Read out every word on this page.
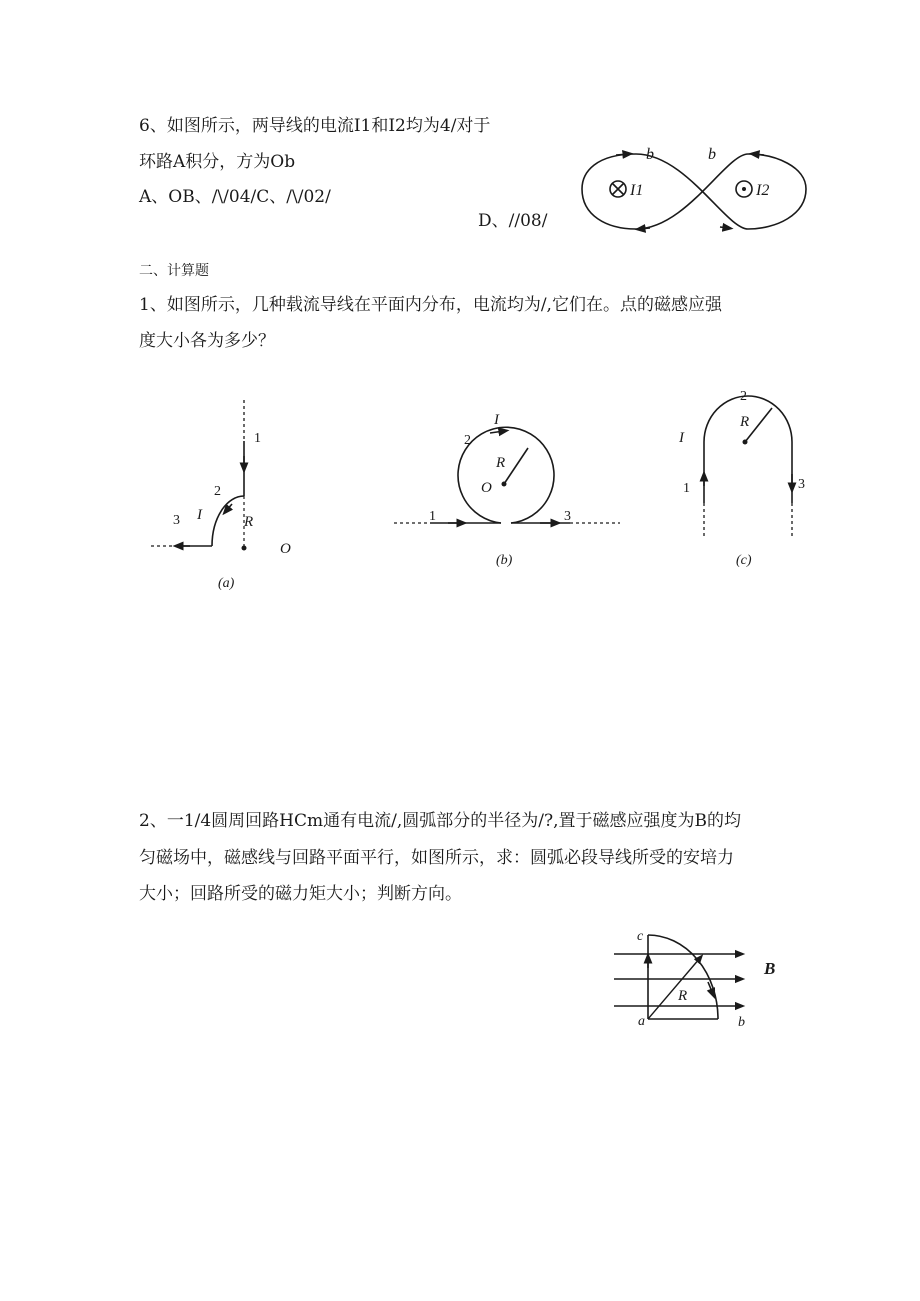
6、如图所示，两导线的电流I1和I2均为4/对于
环路A积分，方为Ob
A、OB、/\/04/C、/\/02/
D、//08/
b	b
I1	I2
二、计算题
1、如图所示，几种载流导线在平面内分布，电流均为/,它们在。点的磁感应强
度大小各为多少？
1
2
3 I	R
O
(a)
1
2
3
I
R
O
(b)
1
2
3
I
R
(c)
2、一1/4圆周回路HCm通有电流/,圆弧部分的半径为/?,置于磁感应强度为B的均
匀磁场中，磁感线与回路平面平行，如图所示，求：圆弧必段导线所受的安培力
大小；回路所受的磁力矩大小；判断方向。
c
a	b
R
B
